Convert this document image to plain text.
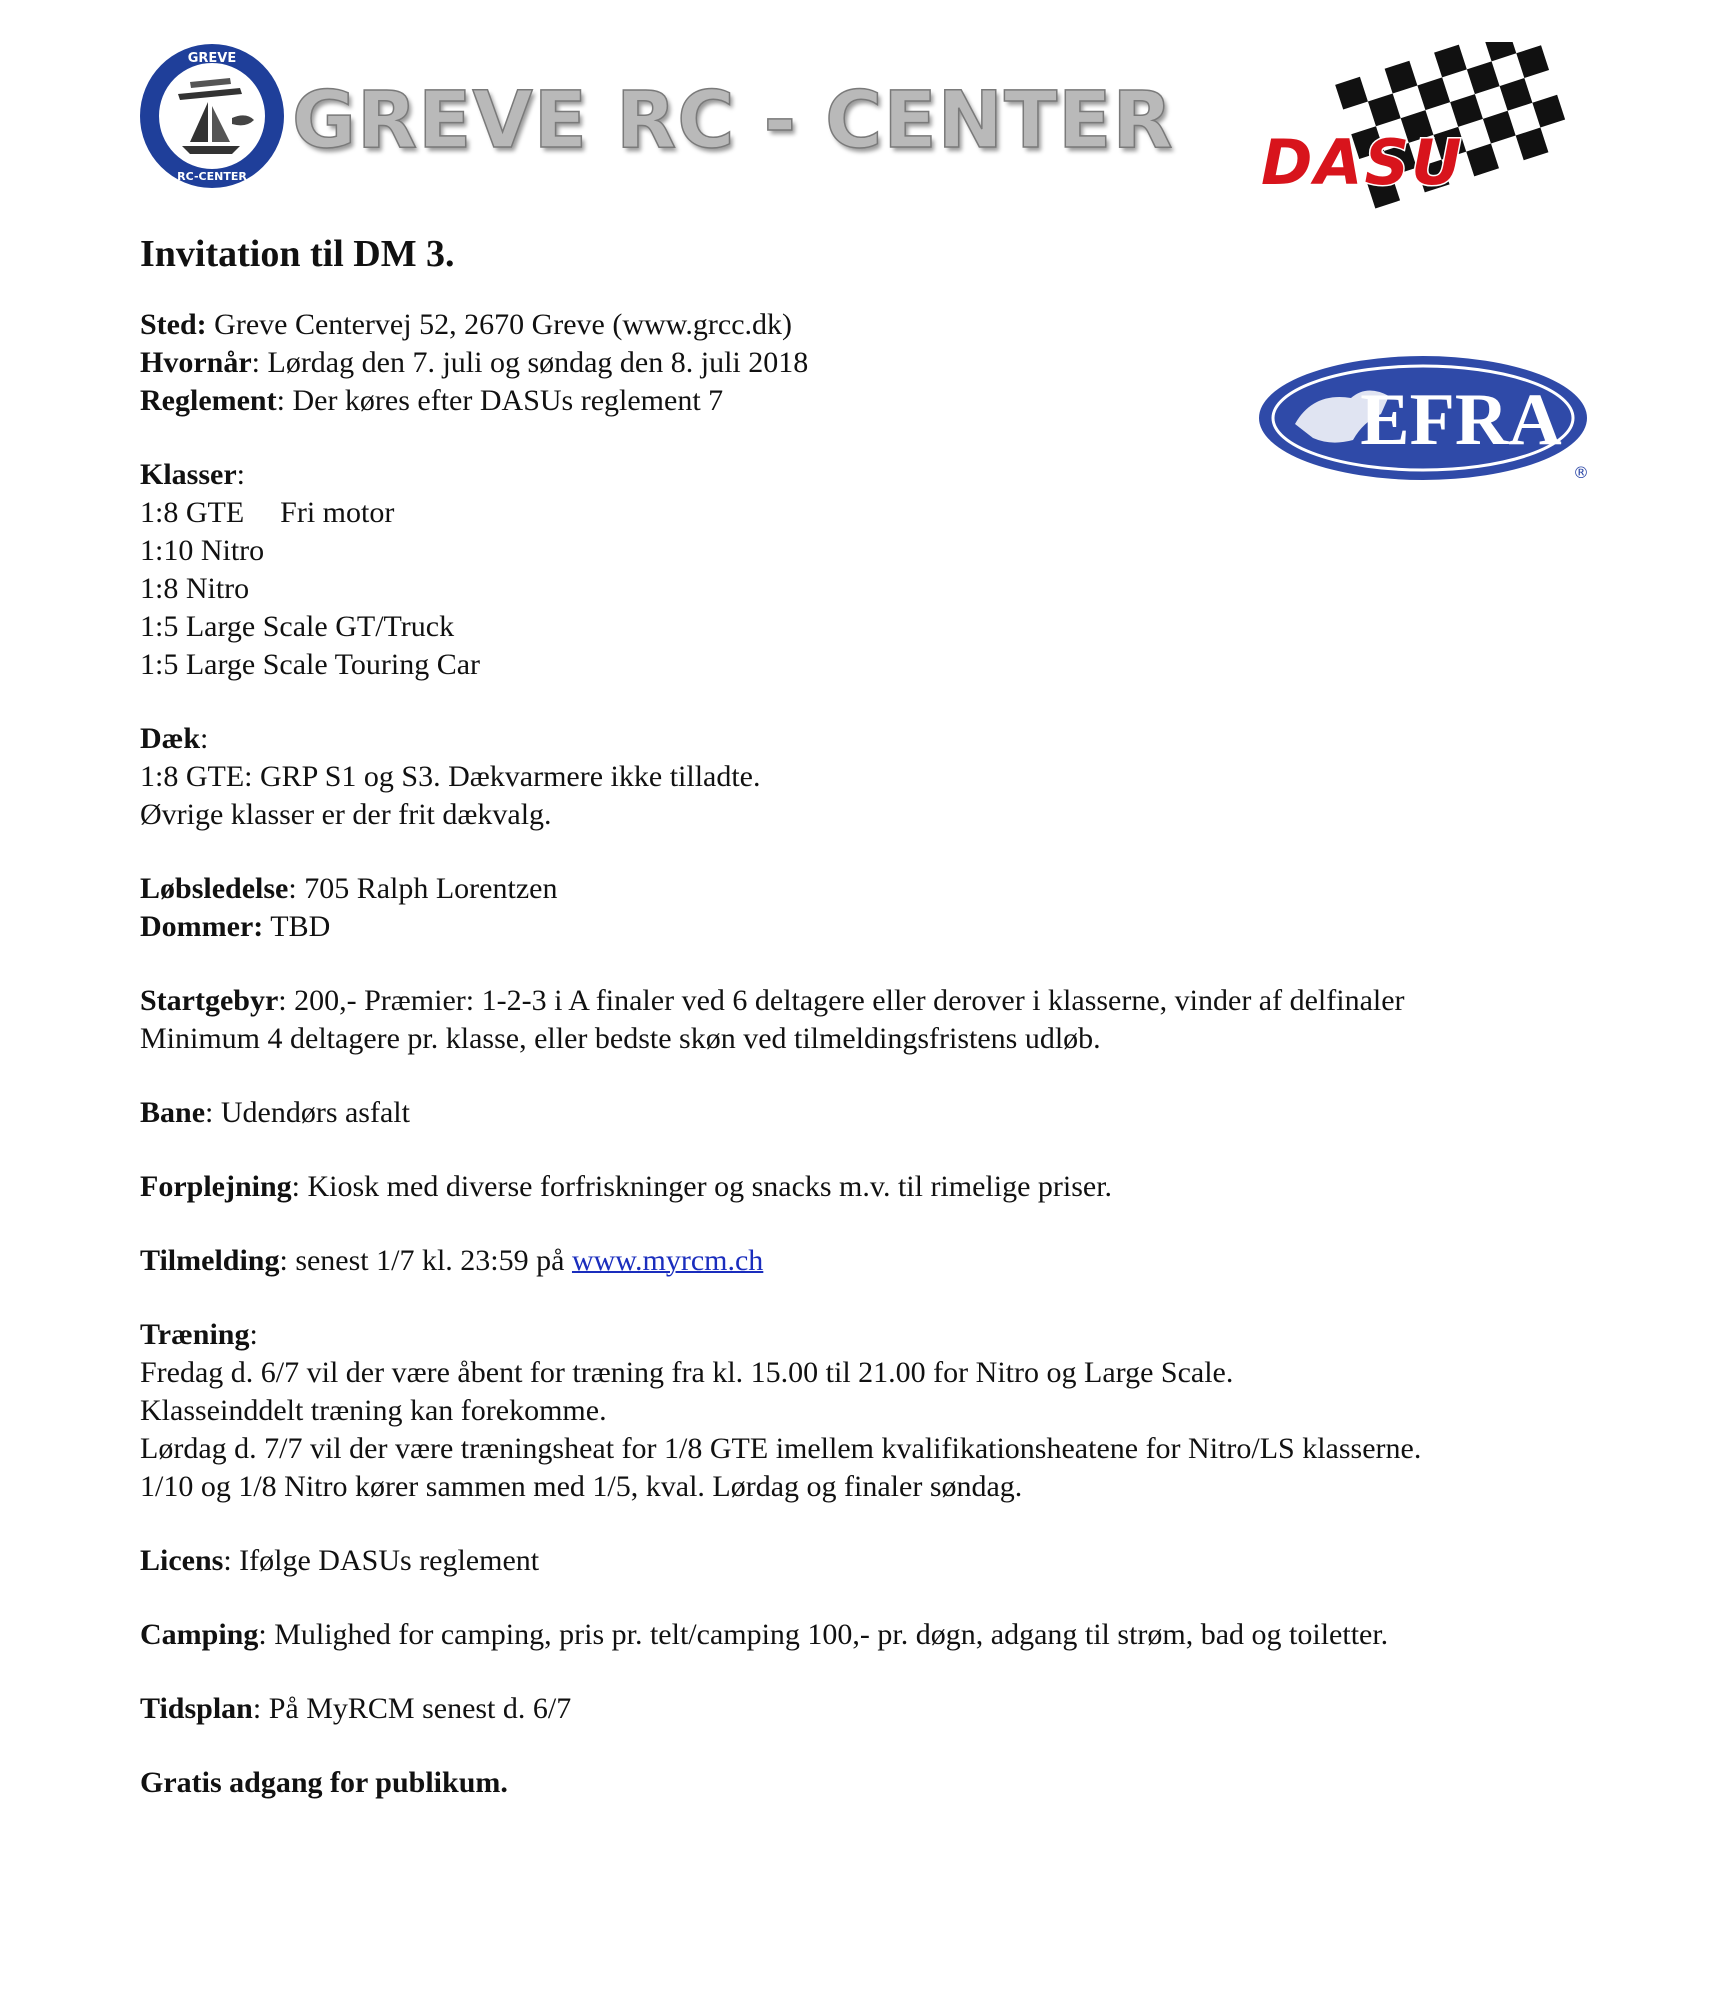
GREVE
RC-CENTER
GREVE RC - CENTER DASU
EFRA
®
Invitation til DM 3.
Sted: Greve Centervej 52, 2670 Greve (www.grcc.dk)
Hvornår: Lørdag den 7. juli og søndag den 8. juli 2018
Reglement: Der køres efter DASUs reglement 7
Klasser:
1:8 GTE Fri motor
1:10 Nitro
1:8 Nitro
1:5 Large Scale GT/Truck
1:5 Large Scale Touring Car
Dæk:
1:8 GTE: GRP S1 og S3. Dækvarmere ikke tilladte.
Øvrige klasser er der frit dækvalg.
Løbsledelse: 705 Ralph Lorentzen
Dommer: TBD
Startgebyr: 200,- Præmier: 1-2-3 i A finaler ved 6 deltagere eller derover i klasserne, vinder af delfinaler
Minimum 4 deltagere pr. klasse, eller bedste skøn ved tilmeldingsfristens udløb.
Bane: Udendørs asfalt
Forplejning: Kiosk med diverse forfriskninger og snacks m.v. til rimelige priser.
Tilmelding: senest 1/7 kl. 23:59 på www.myrcm.ch
Træning:
Fredag d. 6/7 vil der være åbent for træning fra kl. 15.00 til 21.00 for Nitro og Large Scale.
Klasseinddelt træning kan forekomme.
Lørdag d. 7/7 vil der være træningsheat for 1/8 GTE imellem kvalifikationsheatene for Nitro/LS klasserne.
1/10 og 1/8 Nitro kører sammen med 1/5, kval. Lørdag og finaler søndag.
Licens: Ifølge DASUs reglement
Camping: Mulighed for camping, pris pr. telt/camping 100,- pr. døgn, adgang til strøm, bad og toiletter.
Tidsplan: På MyRCM senest d. 6/7
Gratis adgang for publikum.
